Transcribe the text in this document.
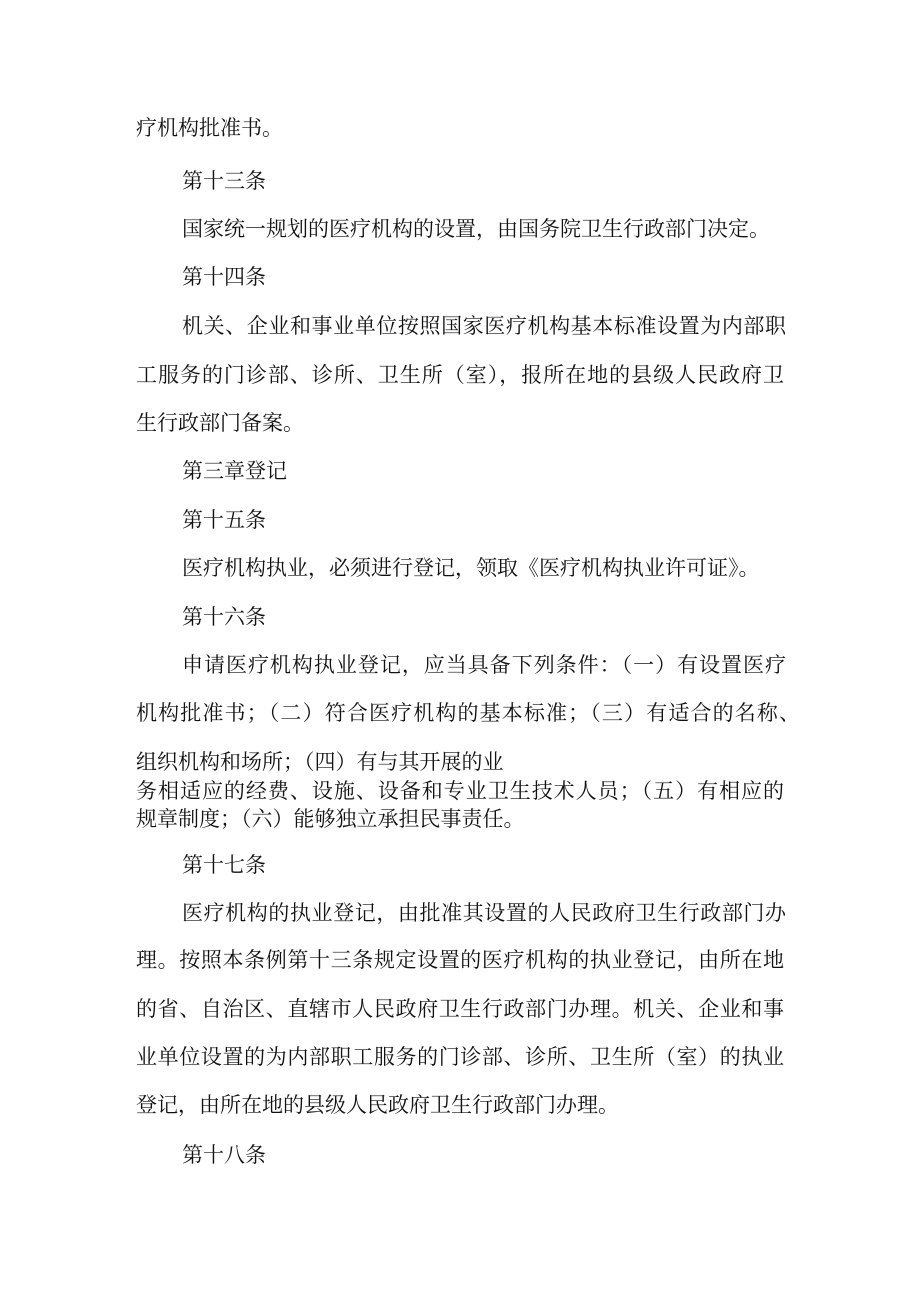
疗机构批准书。
第十三条
国家统一规划的医疗机构的设置，由国务院卫生行政部门决定。
第十四条
机关、企业和事业单位按照国家医疗机构基本标准设置为内部职
工服务的门诊部、诊所、卫生所（室），报所在地的县级人民政府卫
生行政部门备案。
第三章登记
第十五条
医疗机构执业，必须进行登记，领取《医疗机构执业许可证》。
第十六条
申请医疗机构执业登记，应当具备下列条件：（一）有设置医疗
机构批准书；（二）符合医疗机构的基本标准；（三）有适合的名称、
组织机构和场所；（四）有与其开展的业
务相适应的经费、设施、设备和专业卫生技术人员；（五）有相应的
规章制度；（六）能够独立承担民事责任。
第十七条
医疗机构的执业登记，由批准其设置的人民政府卫生行政部门办
理。按照本条例第十三条规定设置的医疗机构的执业登记，由所在地
的省、自治区、直辖市人民政府卫生行政部门办理。机关、企业和事
业单位设置的为内部职工服务的门诊部、诊所、卫生所（室）的执业
登记，由所在地的县级人民政府卫生行政部门办理。
第十八条
